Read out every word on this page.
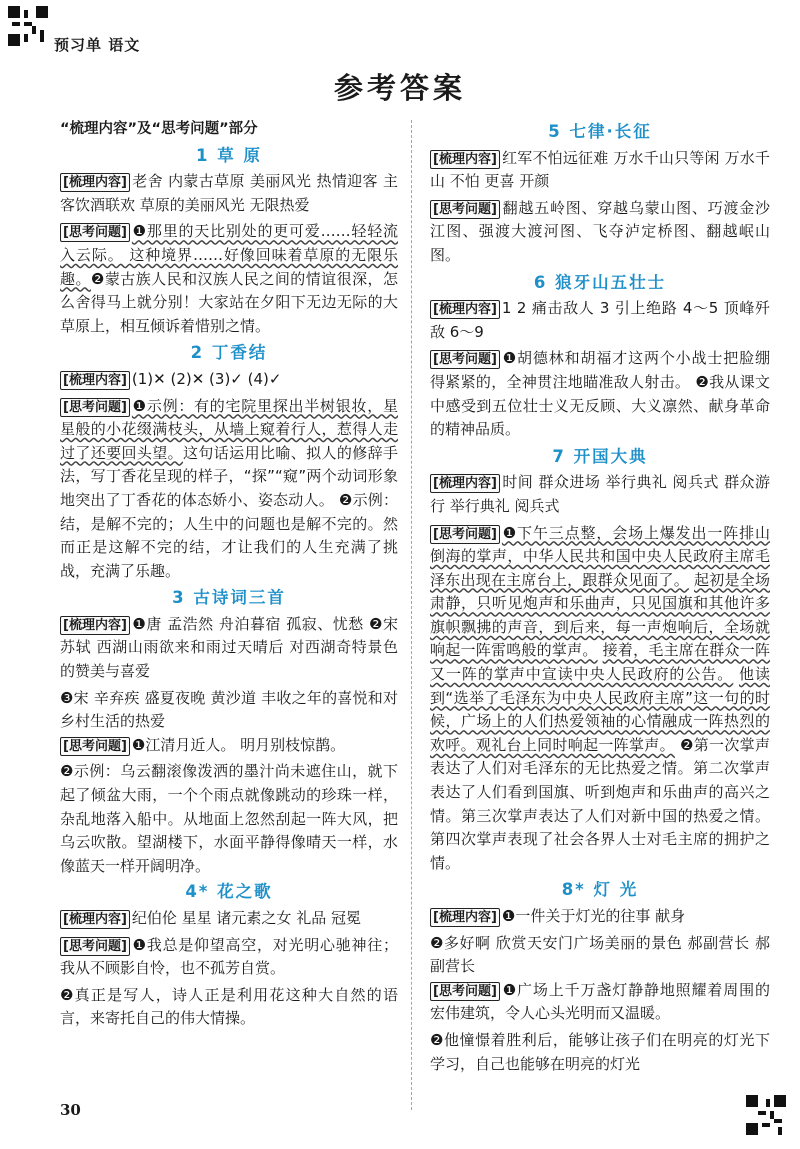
预习单 语文
参考答案
“梳理内容”及“思考问题”部分
1 草 原

[梳理内容] 老舍 内蒙古草原 美丽风光 热情迎客 主客饮酒联欢 草原的美丽风光 无限热爱

[思考问题] ❶那里的天比别处的更可爱……轻轻流入云际。 这种境界……好像回味着草原的无限乐趣。❷蒙古族人民和汉族人民之间的情谊很深，怎么舍得马上就分别！大家站在夕阳下无边无际的大草原上，相互倾诉着惜别之情。

2 丁香结

[梳理内容] (1)✕ (2)✕ (3)✓ (4)✓

[思考问题] ❶示例：有的宅院里探出半树银妆，星星般的小花缀满枝头，从墙上窥着行人，惹得人走过了还要回头望。这句话运用比喻、拟人的修辞手法，写丁香花呈现的样子，“探”“窥”两个动词形象地突出了丁香花的体态娇小、姿态动人。 ❷示例：结，是解不完的；人生中的问题也是解不完的。然而正是这解不完的结，才让我们的人生充满了挑战，充满了乐趣。

3 古诗词三首

[梳理内容] ❶唐 孟浩然 舟泊暮宿 孤寂、忧愁 ❷宋 苏轼 西湖山雨欲来和雨过天晴后 对西湖奇特景色的赞美与喜爱

❸宋 辛弃疾 盛夏夜晚 黄沙道 丰收之年的喜悦和对乡村生活的热爱

[思考问题] ❶江清月近人。 明月别枝惊鹊。

❷示例：乌云翻滚像泼洒的墨汁尚未遮住山，就下起了倾盆大雨，一个个雨点就像跳动的珍珠一样，杂乱地落入船中。从地面上忽然刮起一阵大风，把乌云吹散。望湖楼下，水面平静得像晴天一样，水像蓝天一样开阔明净。

4* 花之歌

[梳理内容] 纪伯伦 星星 诸元素之女 礼品 冠冕

[思考问题] ❶我总是仰望高空，对光明心驰神往；我从不顾影自怜，也不孤芳自赏。

❷真正是写人，诗人正是利用花这种大自然的语言，来寄托自己的伟大情操。

5 七律·长征

[梳理内容] 红军不怕远征难 万水千山只等闲 万水千山 不怕 更喜 开颜

[思考问题] 翻越五岭图、穿越乌蒙山图、巧渡金沙江图、强渡大渡河图、飞夺泸定桥图、翻越岷山图。

6 狼牙山五壮士

[梳理内容] 1 2 痛击敌人 3 引上绝路 4～5 顶峰歼敌 6～9

[思考问题] ❶胡德林和胡福才这两个小战士把脸绷得紧紧的，全神贯注地瞄准敌人射击。 ❷我从课文中感受到五位壮士义无反顾、大义凛然、献身革命的精神品质。

7 开国大典

[梳理内容] 时间 群众进场 举行典礼 阅兵式 群众游行 举行典礼 阅兵式

[思考问题] ❶下午三点整，会场上爆发出一阵排山倒海的掌声，中华人民共和国中央人民政府主席毛泽东出现在主席台上，跟群众见面了。 起初是全场肃静，只听见炮声和乐曲声，只见国旗和其他许多旗帜飘拂的声音，到后来，每一声炮响后，全场就响起一阵雷鸣般的掌声。 接着，毛主席在群众一阵又一阵的掌声中宣读中央人民政府的公告。 他读到“选举了毛泽东为中央人民政府主席”这一句的时候，广场上的人们热爱领袖的心情融成一阵热烈的欢呼。观礼台上同时响起一阵掌声。 ❷第一次掌声表达了人们对毛泽东的无比热爱之情。第二次掌声表达了人们看到国旗、听到炮声和乐曲声的高兴之情。第三次掌声表达了人们对新中国的热爱之情。第四次掌声表现了社会各界人士对毛主席的拥护之情。

8* 灯 光

[梳理内容] ❶一件关于灯光的往事 献身

❷多好啊 欣赏天安门广场美丽的景色 郝副营长 郝副营长

[思考问题] ❶广场上千万盏灯静静地照耀着周围的宏伟建筑，令人心头光明而又温暖。

❷他憧憬着胜利后，能够让孩子们在明亮的灯光下学习，自己也能够在明亮的灯光

30
